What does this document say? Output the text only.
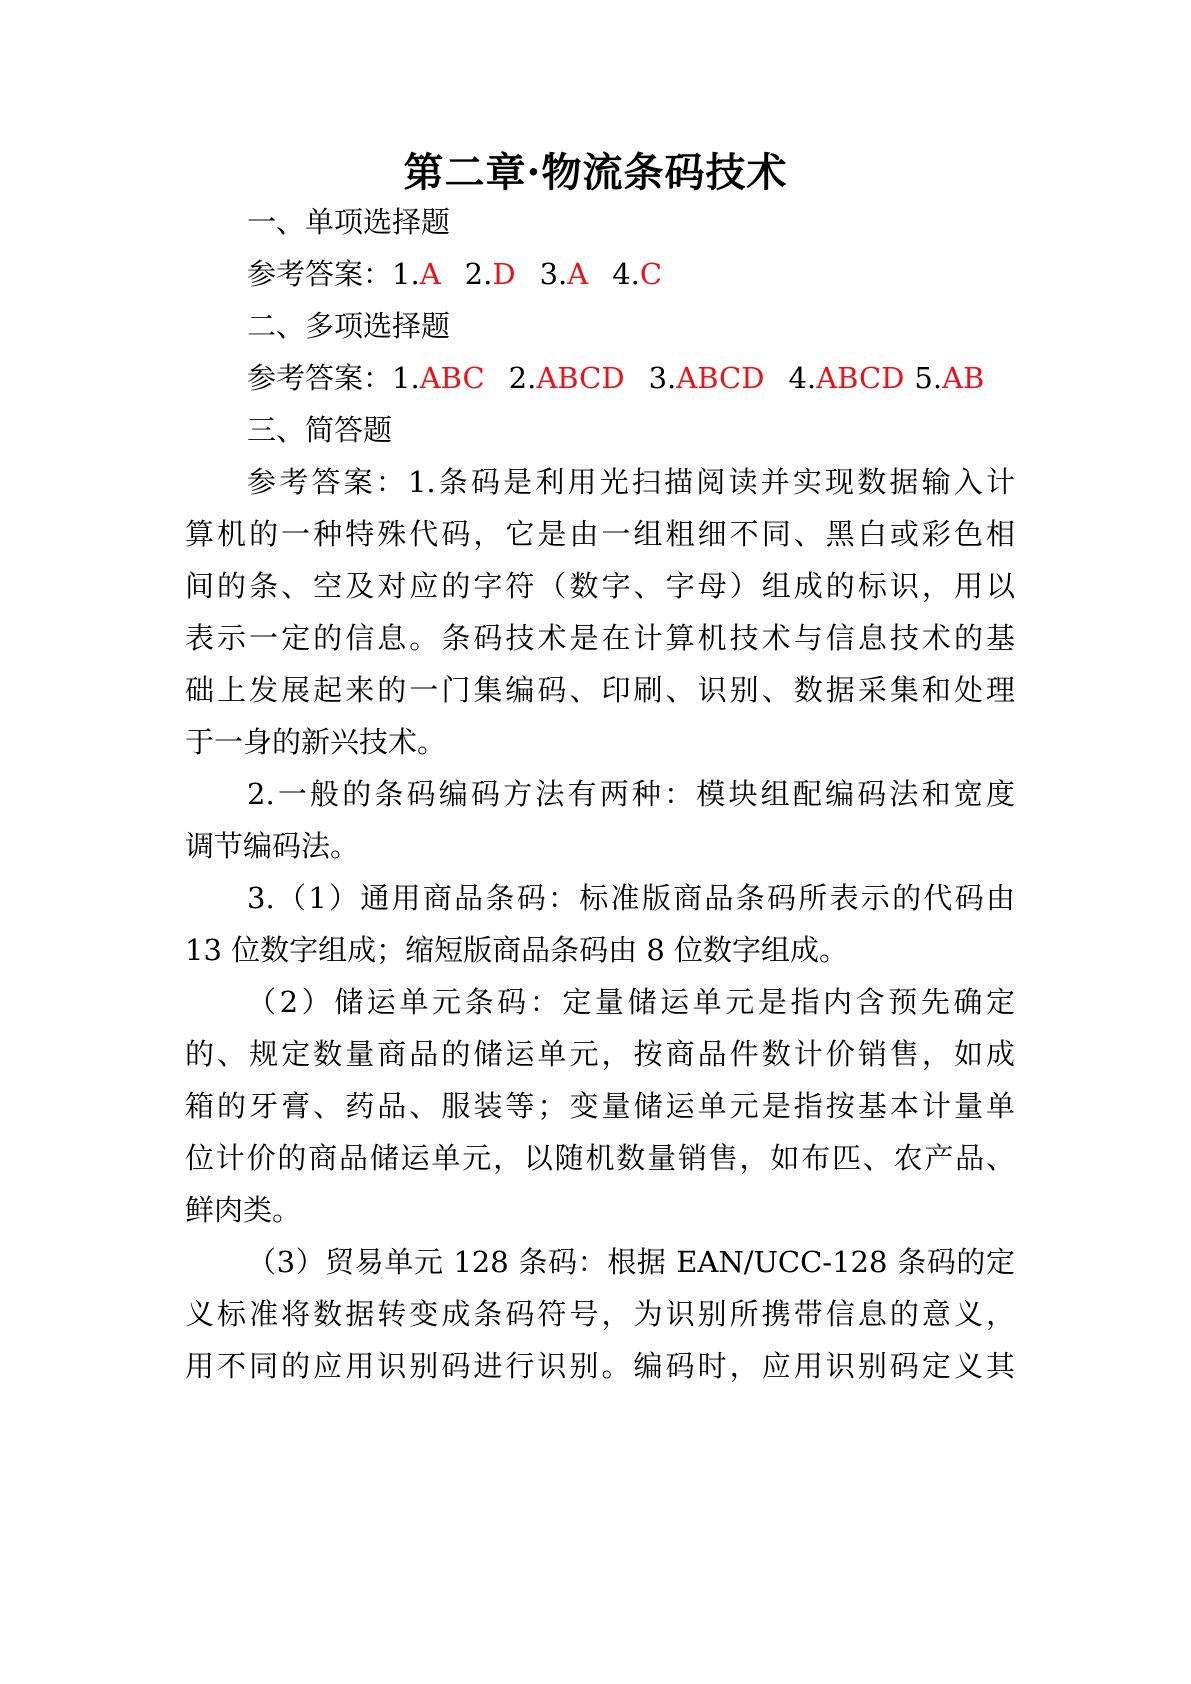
第二章·物流条码技术
一、单项选择题
参考答案：1.A 2.D 3.A 4.C
二、多项选择题
参考答案：1.ABC 2.ABCD 3.ABCD 4.ABCD 5.AB
三、简答题
参考答案：1.条码是利用光扫描阅读并实现数据输入计
算机的一种特殊代码，它是由一组粗细不同、黑白或彩色相
间的条、空及对应的字符（数字、字母）组成的标识，用以
表示一定的信息。条码技术是在计算机技术与信息技术的基
础上发展起来的一门集编码、印刷、识别、数据采集和处理
于一身的新兴技术。
2.一般的条码编码方法有两种：模块组配编码法和宽度
调节编码法。
3.（1）通用商品条码：标准版商品条码所表示的代码由
13 位数字组成；缩短版商品条码由 8 位数字组成。
（2）储运单元条码：定量储运单元是指内含预先确定
的、规定数量商品的储运单元，按商品件数计价销售，如成
箱的牙膏、药品、服装等；变量储运单元是指按基本计量单
位计价的商品储运单元，以随机数量销售，如布匹、农产品、
鲜肉类。
（3）贸易单元 128 条码：根据 EAN/UCC-128 条码的定
义标准将数据转变成条码符号，为识别所携带信息的意义，
用不同的应用识别码进行识别。编码时，应用识别码定义其
